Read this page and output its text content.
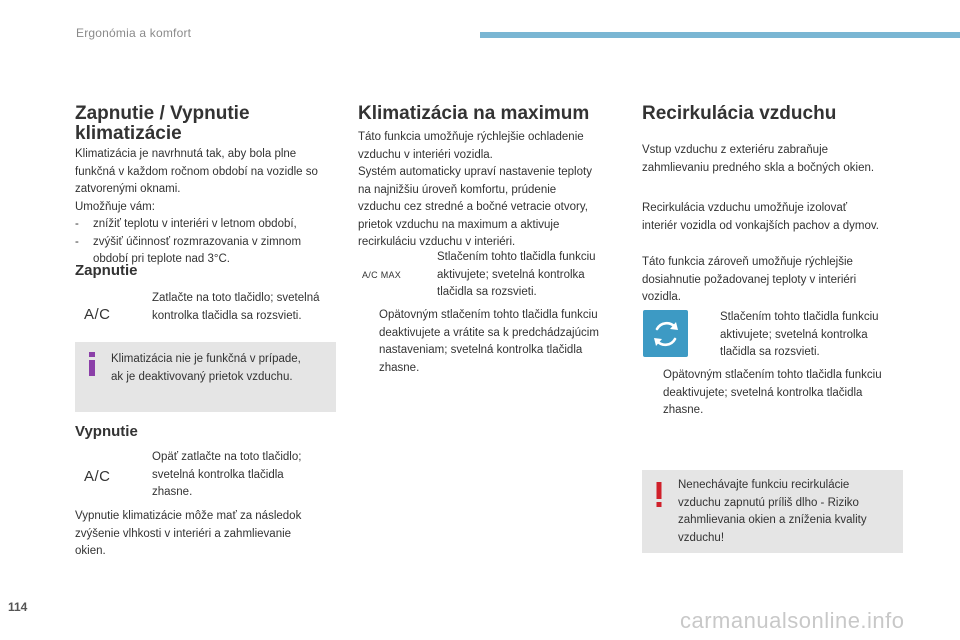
Ergonómia a komfort
Zapnutie / Vypnutie
klimatizácie

Klimatizácia je navrhnutá tak, aby bola plne

funkčná v každom ročnom období na vozidle so

zatvorenými oknami.

Umožňuje vám:

-	znížiť teplotu v interiéri v letnom období,
-	zvýšiť účinnosť rozmrazovania v zimnom
období pri teplote nad 3°C.
Zapnutie
A/C
Zatlačte na toto tlačidlo; svetelná
kontrolka tlačidla sa rozsvieti.

Klimatizácia nie je funkčná v prípade,

ak je deaktivovaný prietok vzduchu.

Vypnutie
A/C
Opäť zatlačte na toto tlačidlo;
svetelná kontrolka tlačidla
zhasne.

Vypnutie klimatizácie môže mať za následok

zvýšenie vlhkosti v interiéri a zahmlievanie

okien.

Klimatizácia na maximum

Táto funkcia umožňuje rýchlejšie ochladenie

vzduchu v interiéri vozidla.

Systém automaticky upraví nastavenie teploty

na najnižšiu úroveň komfortu, prúdenie

vzduchu cez stredné a bočné vetracie otvory,

prietok vzduchu na maximum a aktivuje

recirkuláciu vzduchu v interiéri.

A/C MAX
Stlačením tohto tlačidla funkciu
aktivujete; svetelná kontrolka
tlačidla sa rozsvieti.
Opätovným stlačením tohto tlačidla funkciu
deaktivujete a vrátite sa k predchádzajúcim
nastaveniam; svetelná kontrolka tlačidla
zhasne.
Recirkulácia vzduchu

Vstup vzduchu z exteriéru zabraňuje

zahmlievaniu predného skla a bočných okien.

Recirkulácia vzduchu umožňuje izolovať

interiér vozidla od vonkajších pachov a dymov.

Táto funkcia zároveň umožňuje rýchlejšie

dosiahnutie požadovanej teploty v interiéri

vozidla.

Stlačením tohto tlačidla funkciu
aktivujete; svetelná kontrolka
tlačidla sa rozsvieti.
Opätovným stlačením tohto tlačidla funkciu
deaktivujete; svetelná kontrolka tlačidla
zhasne.

Nenechávajte funkciu recirkulácie

vzduchu zapnutú príliš dlho - Riziko

zahmlievania okien a zníženia kvality

vzduchu!

114
carmanualsonline.info
